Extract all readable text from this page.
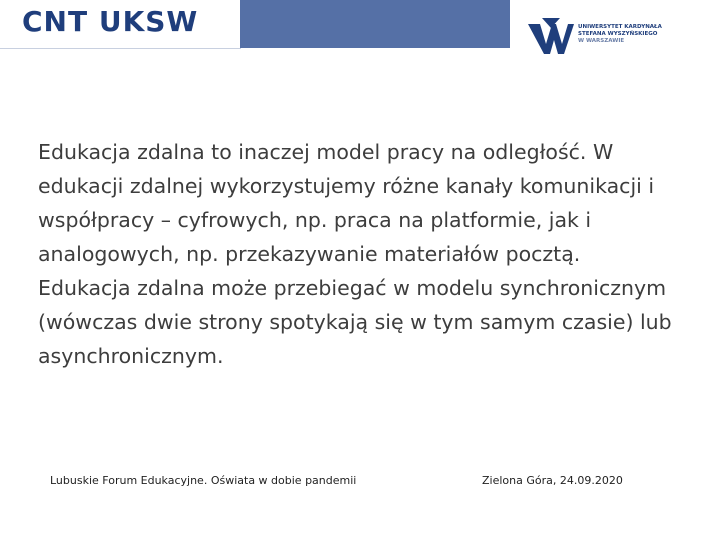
CNT UKSW	UNIWERSYTET KARDYNAŁA
STEFANA WYSZYŃSKIEGO
W WARSZAWIE

Edukacja zdalna to inaczej model pracy na odległość. W edukacji zdalnej wykorzystujemy różne kanały komunikacji i współpracy – cyfrowych, np. praca na platformie, jak i analogowych, np. przekazywanie materiałów pocztą.

Edukacja zdalna może przebiegać w modelu synchronicznym (wówczas dwie strony spotykają się w tym samym czasie) lub asynchronicznym.

Lubuskie Forum Edukacyjne. Oświata w dobie pandemii	Zielona Góra, 24.09.2020
